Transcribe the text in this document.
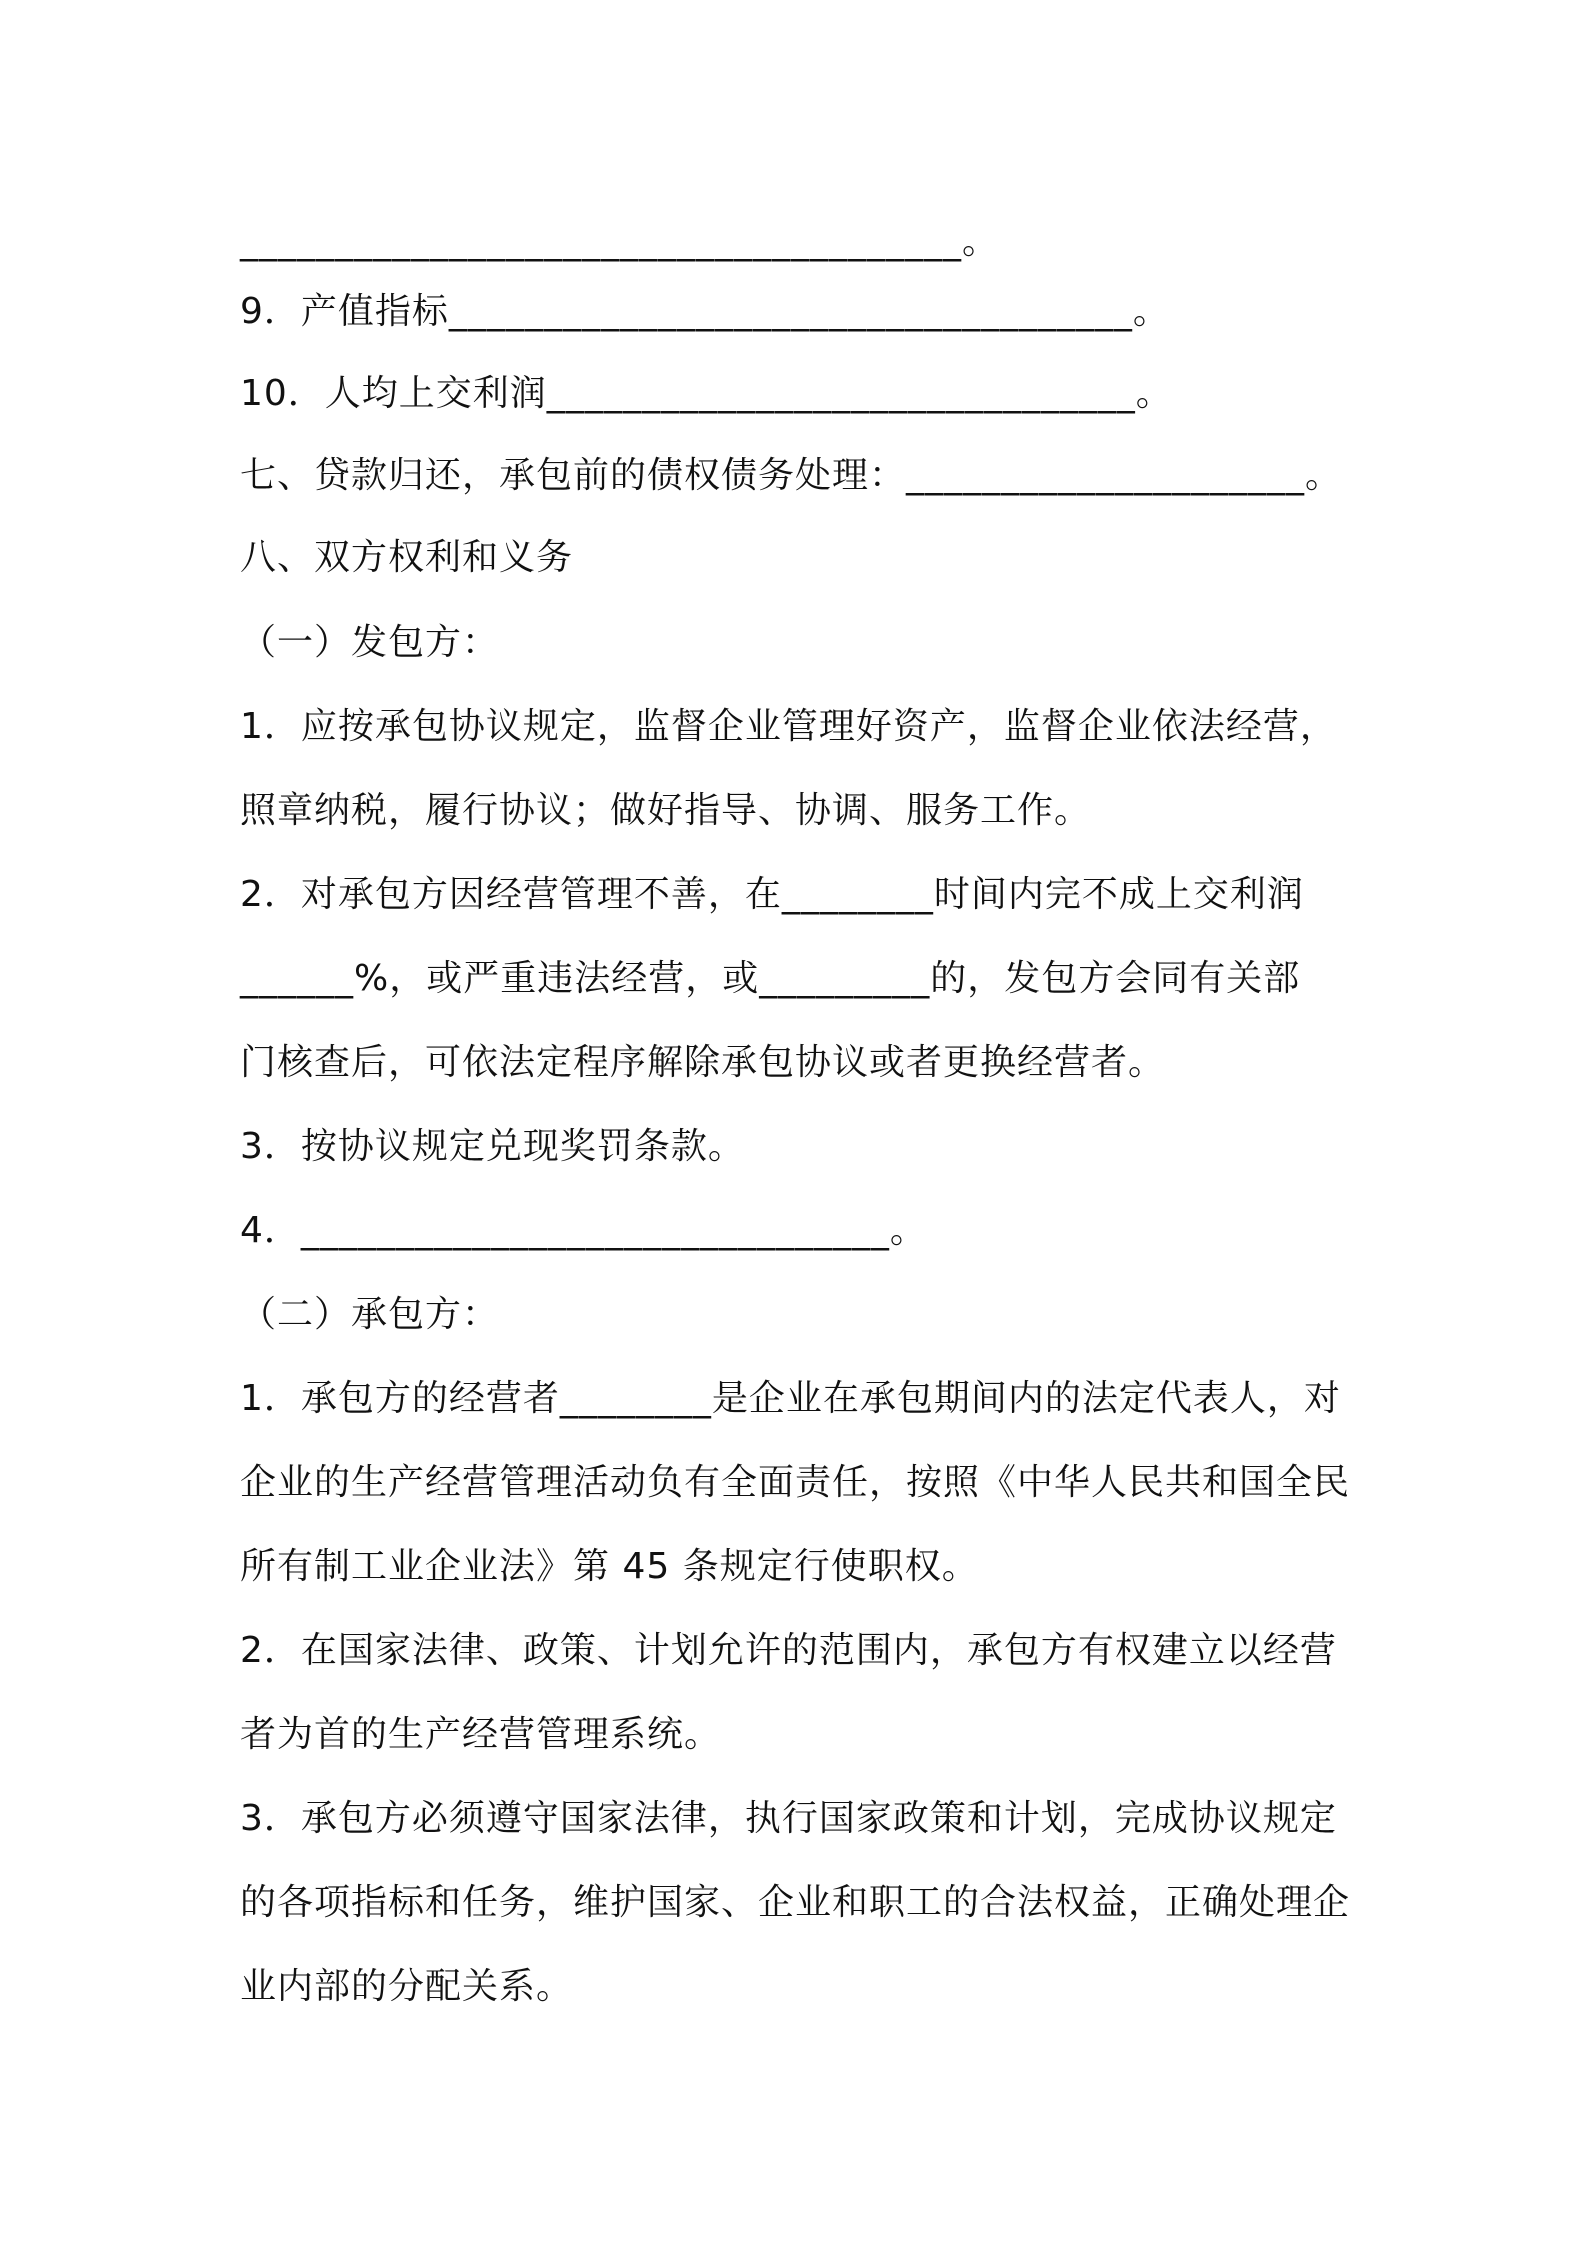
______________________________________。
9．产值指标____________________________________。
10．人均上交利润_______________________________。
七、贷款归还，承包前的债权债务处理：_____________________。
八、双方权利和义务
（一）发包方：
1．应按承包协议规定，监督企业管理好资产，监督企业依法经营，
照章纳税，履行协议；做好指导、协调、服务工作。
2．对承包方因经营管理不善，在________时间内完不成上交利润
______%，或严重违法经营，或_________的，发包方会同有关部
门核查后，可依法定程序解除承包协议或者更换经营者。
3．按协议规定兑现奖罚条款。
4．_______________________________。
（二）承包方：
1．承包方的经营者________是企业在承包期间内的法定代表人，对
企业的生产经营管理活动负有全面责任，按照《中华人民共和国全民
所有制工业企业法》第 45 条规定行使职权。
2．在国家法律、政策、计划允许的范围内，承包方有权建立以经营
者为首的生产经营管理系统。
3．承包方必须遵守国家法律，执行国家政策和计划，完成协议规定
的各项指标和任务，维护国家、企业和职工的合法权益，正确处理企
业内部的分配关系。
